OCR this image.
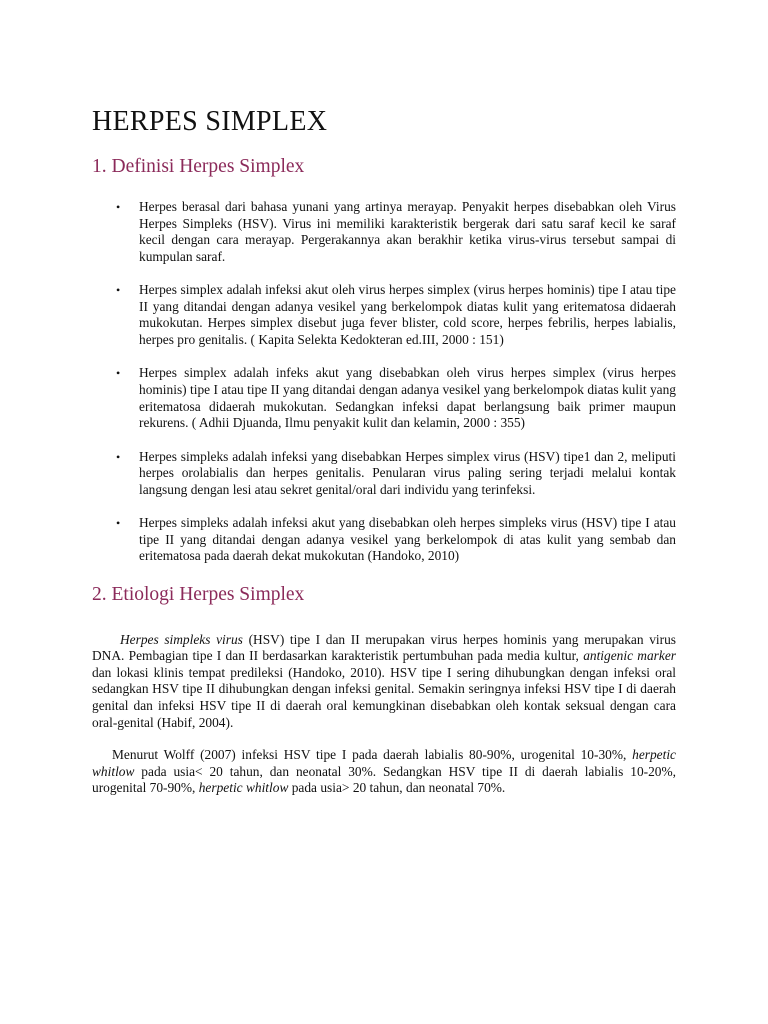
HERPES SIMPLEX
1. Definisi Herpes Simplex
• Herpes berasal dari bahasa yunani yang artinya merayap. Penyakit herpes disebabkan oleh Virus Herpes Simpleks (HSV). Virus ini memiliki karakteristik bergerak dari satu saraf kecil ke saraf kecil dengan cara merayap. Pergerakannya akan berakhir ketika virus-virus tersebut sampai di kumpulan saraf.
• Herpes simplex adalah infeksi akut oleh virus herpes simplex (virus herpes hominis) tipe I atau tipe II yang ditandai dengan adanya vesikel yang berkelompok diatas kulit yang eritematosa didaerah mukokutan. Herpes simplex disebut juga fever blister, cold score, herpes febrilis, herpes labialis, herpes pro genitalis. ( Kapita Selekta Kedokteran ed.III, 2000 : 151)
• Herpes simplex adalah infeks akut yang disebabkan oleh virus herpes simplex (virus herpes hominis) tipe I atau tipe II yang ditandai dengan adanya vesikel yang berkelompok diatas kulit yang eritematosa didaerah mukokutan. Sedangkan infeksi dapat berlangsung baik primer maupun rekurens. ( Adhii Djuanda, Ilmu penyakit kulit dan kelamin, 2000 : 355)
• Herpes simpleks adalah infeksi yang disebabkan Herpes simplex virus (HSV) tipe1 dan 2, meliputi herpes orolabialis dan herpes genitalis. Penularan virus paling sering terjadi melalui kontak langsung dengan lesi atau sekret genital/oral dari individu yang terinfeksi.
• Herpes simpleks adalah infeksi akut yang disebabkan oleh herpes simpleks virus (HSV) tipe I atau tipe II yang ditandai dengan adanya vesikel yang berkelompok di atas kulit yang sembab dan eritematosa pada daerah dekat mukokutan (Handoko, 2010)
2. Etiologi Herpes Simplex

Herpes simpleks virus (HSV) tipe I dan II merupakan virus herpes hominis yang merupakan virus DNA. Pembagian tipe I dan II berdasarkan karakteristik pertumbuhan pada media kultur, antigenic marker dan lokasi klinis tempat predileksi (Handoko, 2010). HSV tipe I sering dihubungkan dengan infeksi oral sedangkan HSV tipe II dihubungkan dengan infeksi genital. Semakin seringnya infeksi HSV tipe I di daerah genital dan infeksi HSV tipe II di daerah oral kemungkinan disebabkan oleh kontak seksual dengan cara oral-genital (Habif, 2004).

Menurut Wolff (2007) infeksi HSV tipe I pada daerah labialis 80-90%, urogenital 10-30%, herpetic whitlow pada usia< 20 tahun, dan neonatal 30%. Sedangkan HSV tipe II di daerah labialis 10-20%, urogenital 70-90%, herpetic whitlow pada usia> 20 tahun, dan neonatal 70%.
